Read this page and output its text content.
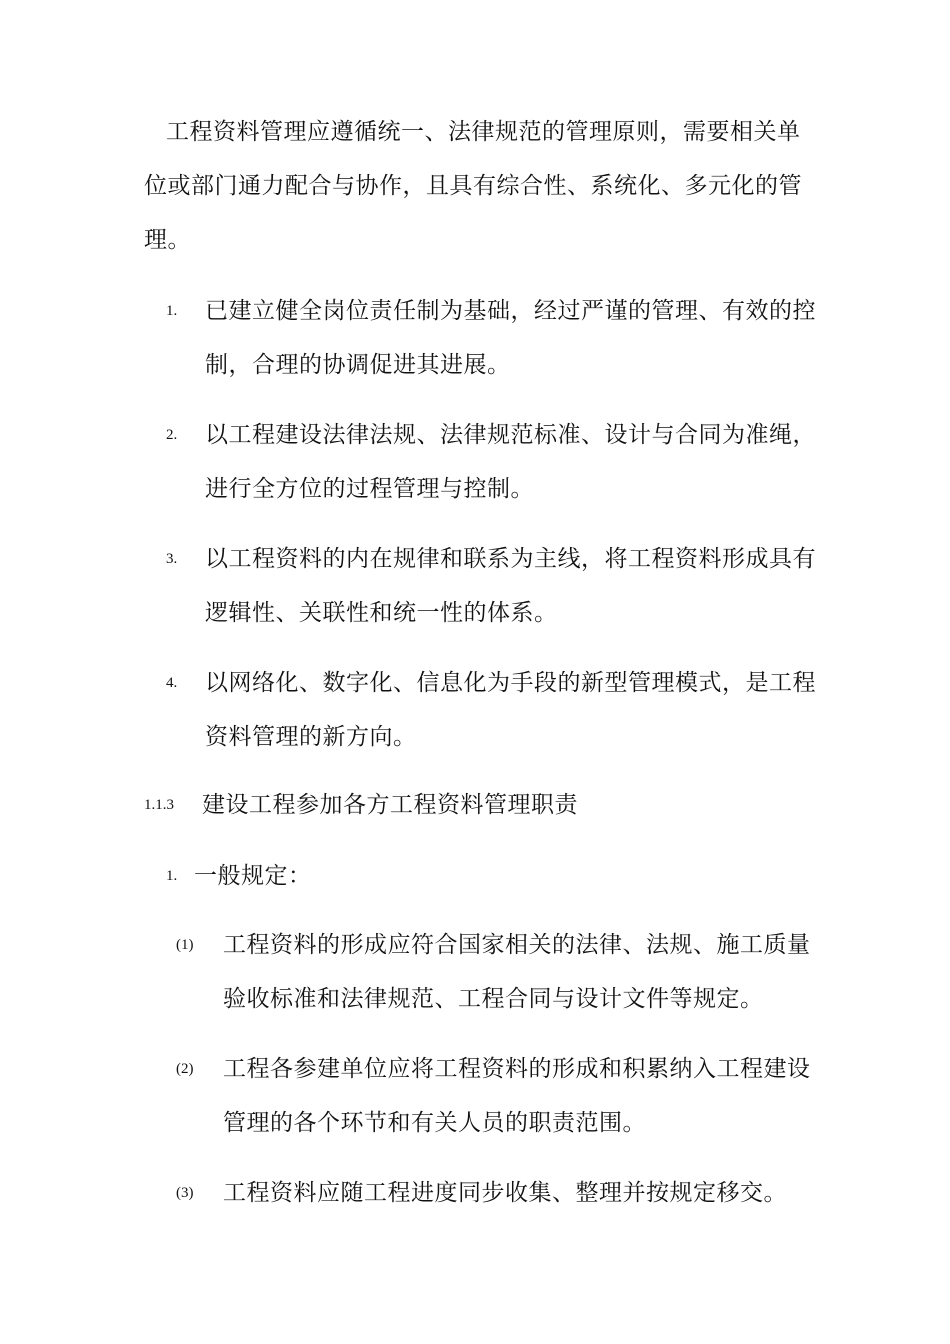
工程资料管理应遵循统一、法律规范的管理原则，需要相关单
位或部门通力配合与协作，且具有综合性、系统化、多元化的管
理。
1. 已建立健全岗位责任制为基础，经过严谨的管理、有效的控
制，合理的协调促进其进展。
2. 以工程建设法律法规、法律规范标准、设计与合同为准绳，
进行全方位的过程管理与控制。
3. 以工程资料的内在规律和联系为主线，将工程资料形成具有
逻辑性、关联性和统一性的体系。
4. 以网络化、数字化、信息化为手段的新型管理模式，是工程
资料管理的新方向。
1.1.3 建设工程参加各方工程资料管理职责
1. 一般规定：
(1) 工程资料的形成应符合国家相关的法律、法规、施工质量
验收标准和法律规范、工程合同与设计文件等规定。
(2) 工程各参建单位应将工程资料的形成和积累纳入工程建设
管理的各个环节和有关人员的职责范围。
(3) 工程资料应随工程进度同步收集、整理并按规定移交。
